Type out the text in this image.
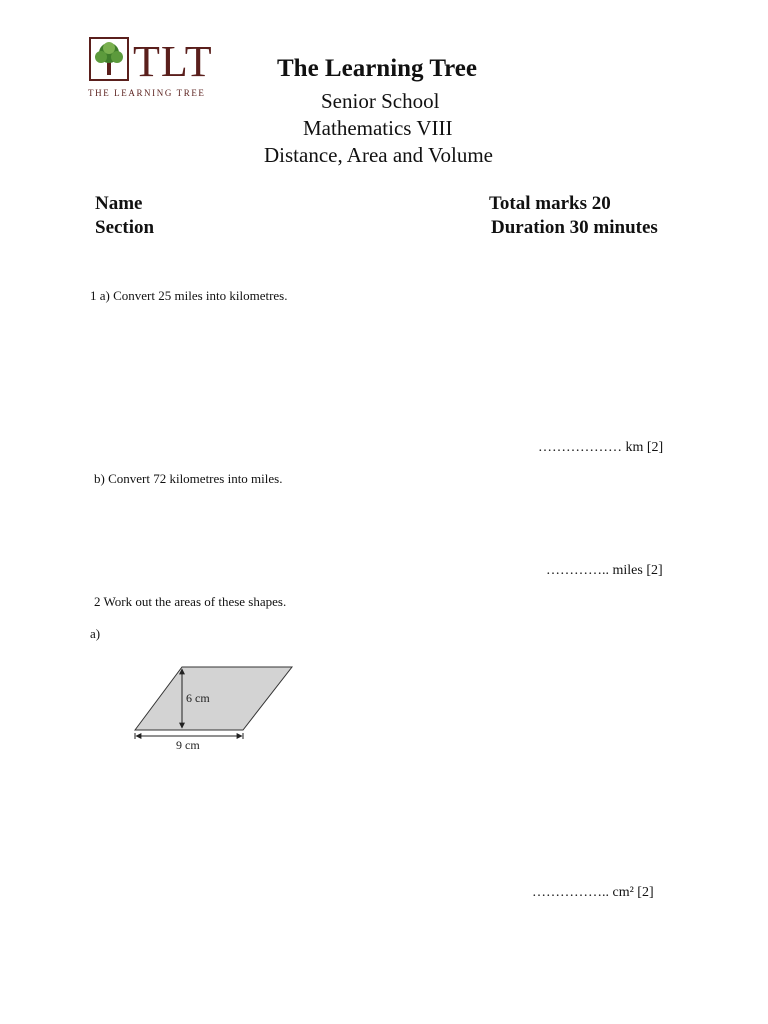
TLT
THE LEARNING TREE
The Learning Tree
Senior School
Mathematics VIII
Distance, Area and Volume
Name
Section
Total marks 20
Duration 30 minutes
1 a) Convert 25 miles into kilometres.
……………… km [2]
b) Convert 72 kilometres into miles.
………….. miles [2]
2 Work out the areas of these shapes.
a)
6 cm
9 cm
…………….. cm² [2]
